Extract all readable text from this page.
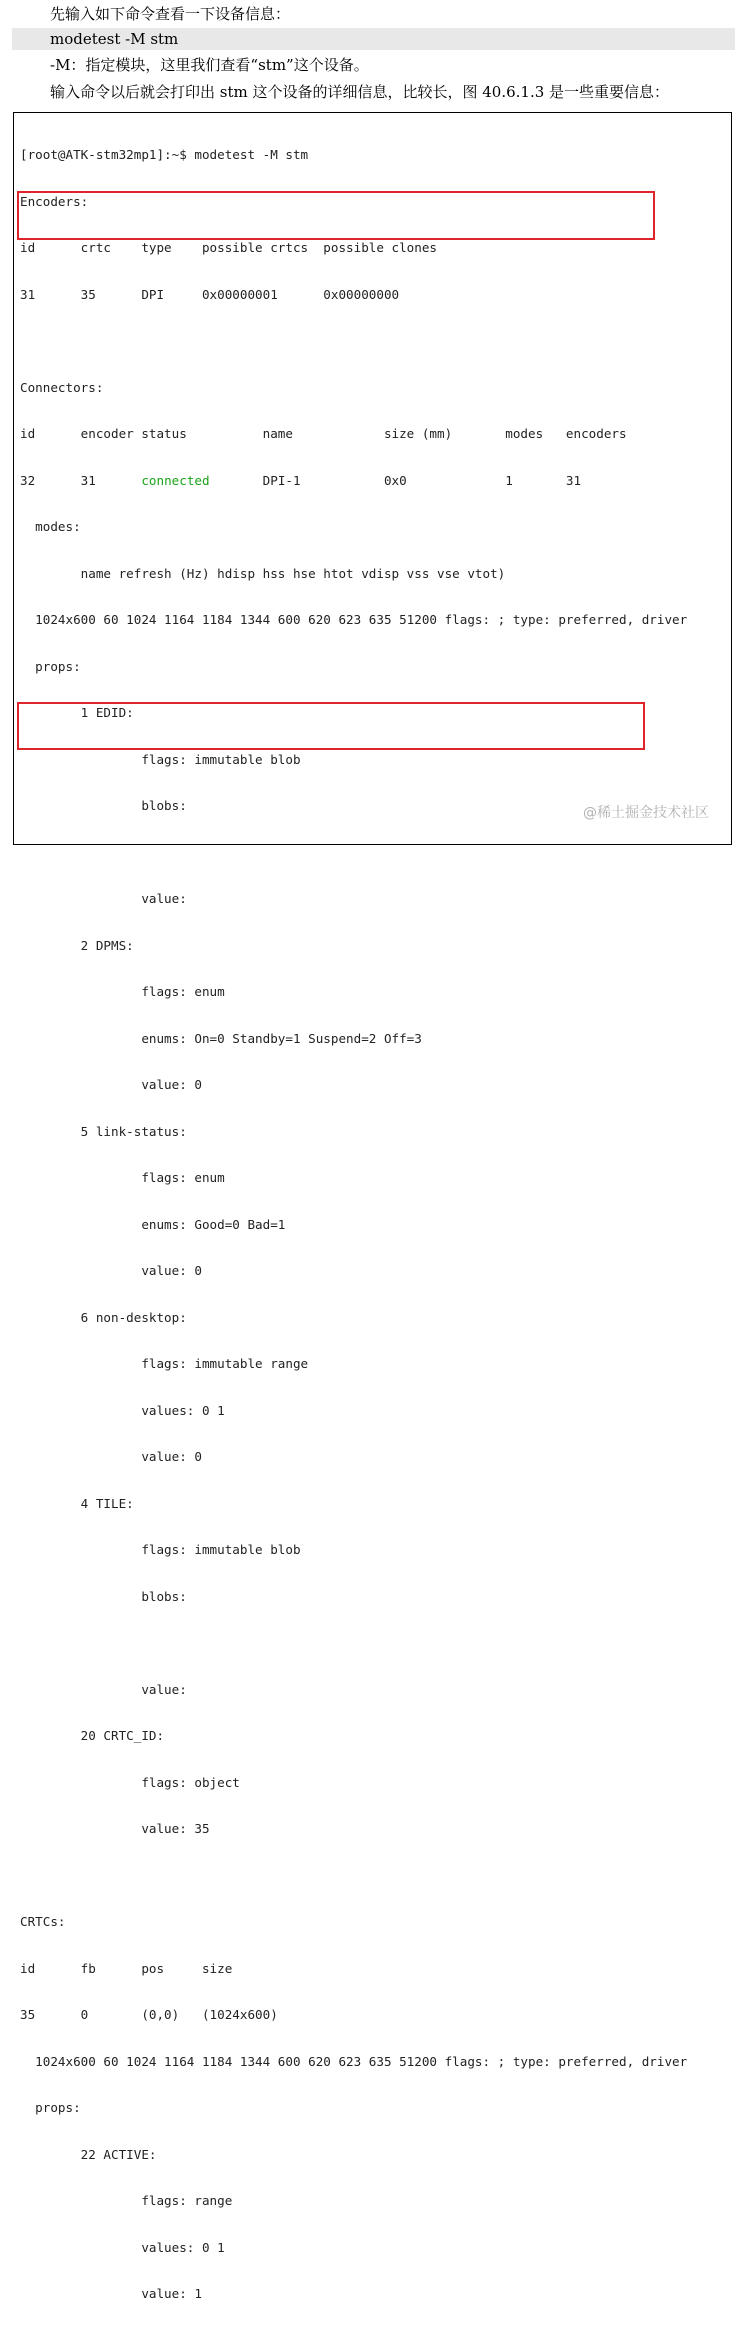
先输入如下命令查看一下设备信息：
modetest -M stm
-M：指定模块，这里我们查看“stm”这个设备。
输入命令以后就会打印出 stm 这个设备的详细信息，比较长，图 40.6.1.3 是一些重要信息：

[root@ATK-stm32mp1]:~$ modetest -M stm

Encoders:

id      crtc    type    possible crtcs  possible clones

31      35      DPI     0x00000001      0x00000000

Connectors:

id      encoder status          name            size (mm)       modes   encoders

32      31      connected       DPI-1           0x0             1       31

modes:

name refresh (Hz) hdisp hss hse htot vdisp vss vse vtot)

1024x600 60 1024 1164 1184 1344 600 620 623 635 51200 flags: ; type: preferred, driver

props:

1 EDID:

flags: immutable blob

blobs:

value:

2 DPMS:

flags: enum

enums: On=0 Standby=1 Suspend=2 Off=3

value: 0

5 link-status:

flags: enum

enums: Good=0 Bad=1

value: 0

6 non-desktop:

flags: immutable range

values: 0 1

value: 0

4 TILE:

flags: immutable blob

blobs:

value:

20 CRTC_ID:

flags: object

value: 35

CRTCs:

id      fb      pos     size

35      0       (0,0)   (1024x600)

1024x600 60 1024 1164 1184 1344 600 620 623 635 51200 flags: ; type: preferred, driver

props:

22 ACTIVE:

flags: range

values: 0 1

value: 1

@稀土掘金技术社区
